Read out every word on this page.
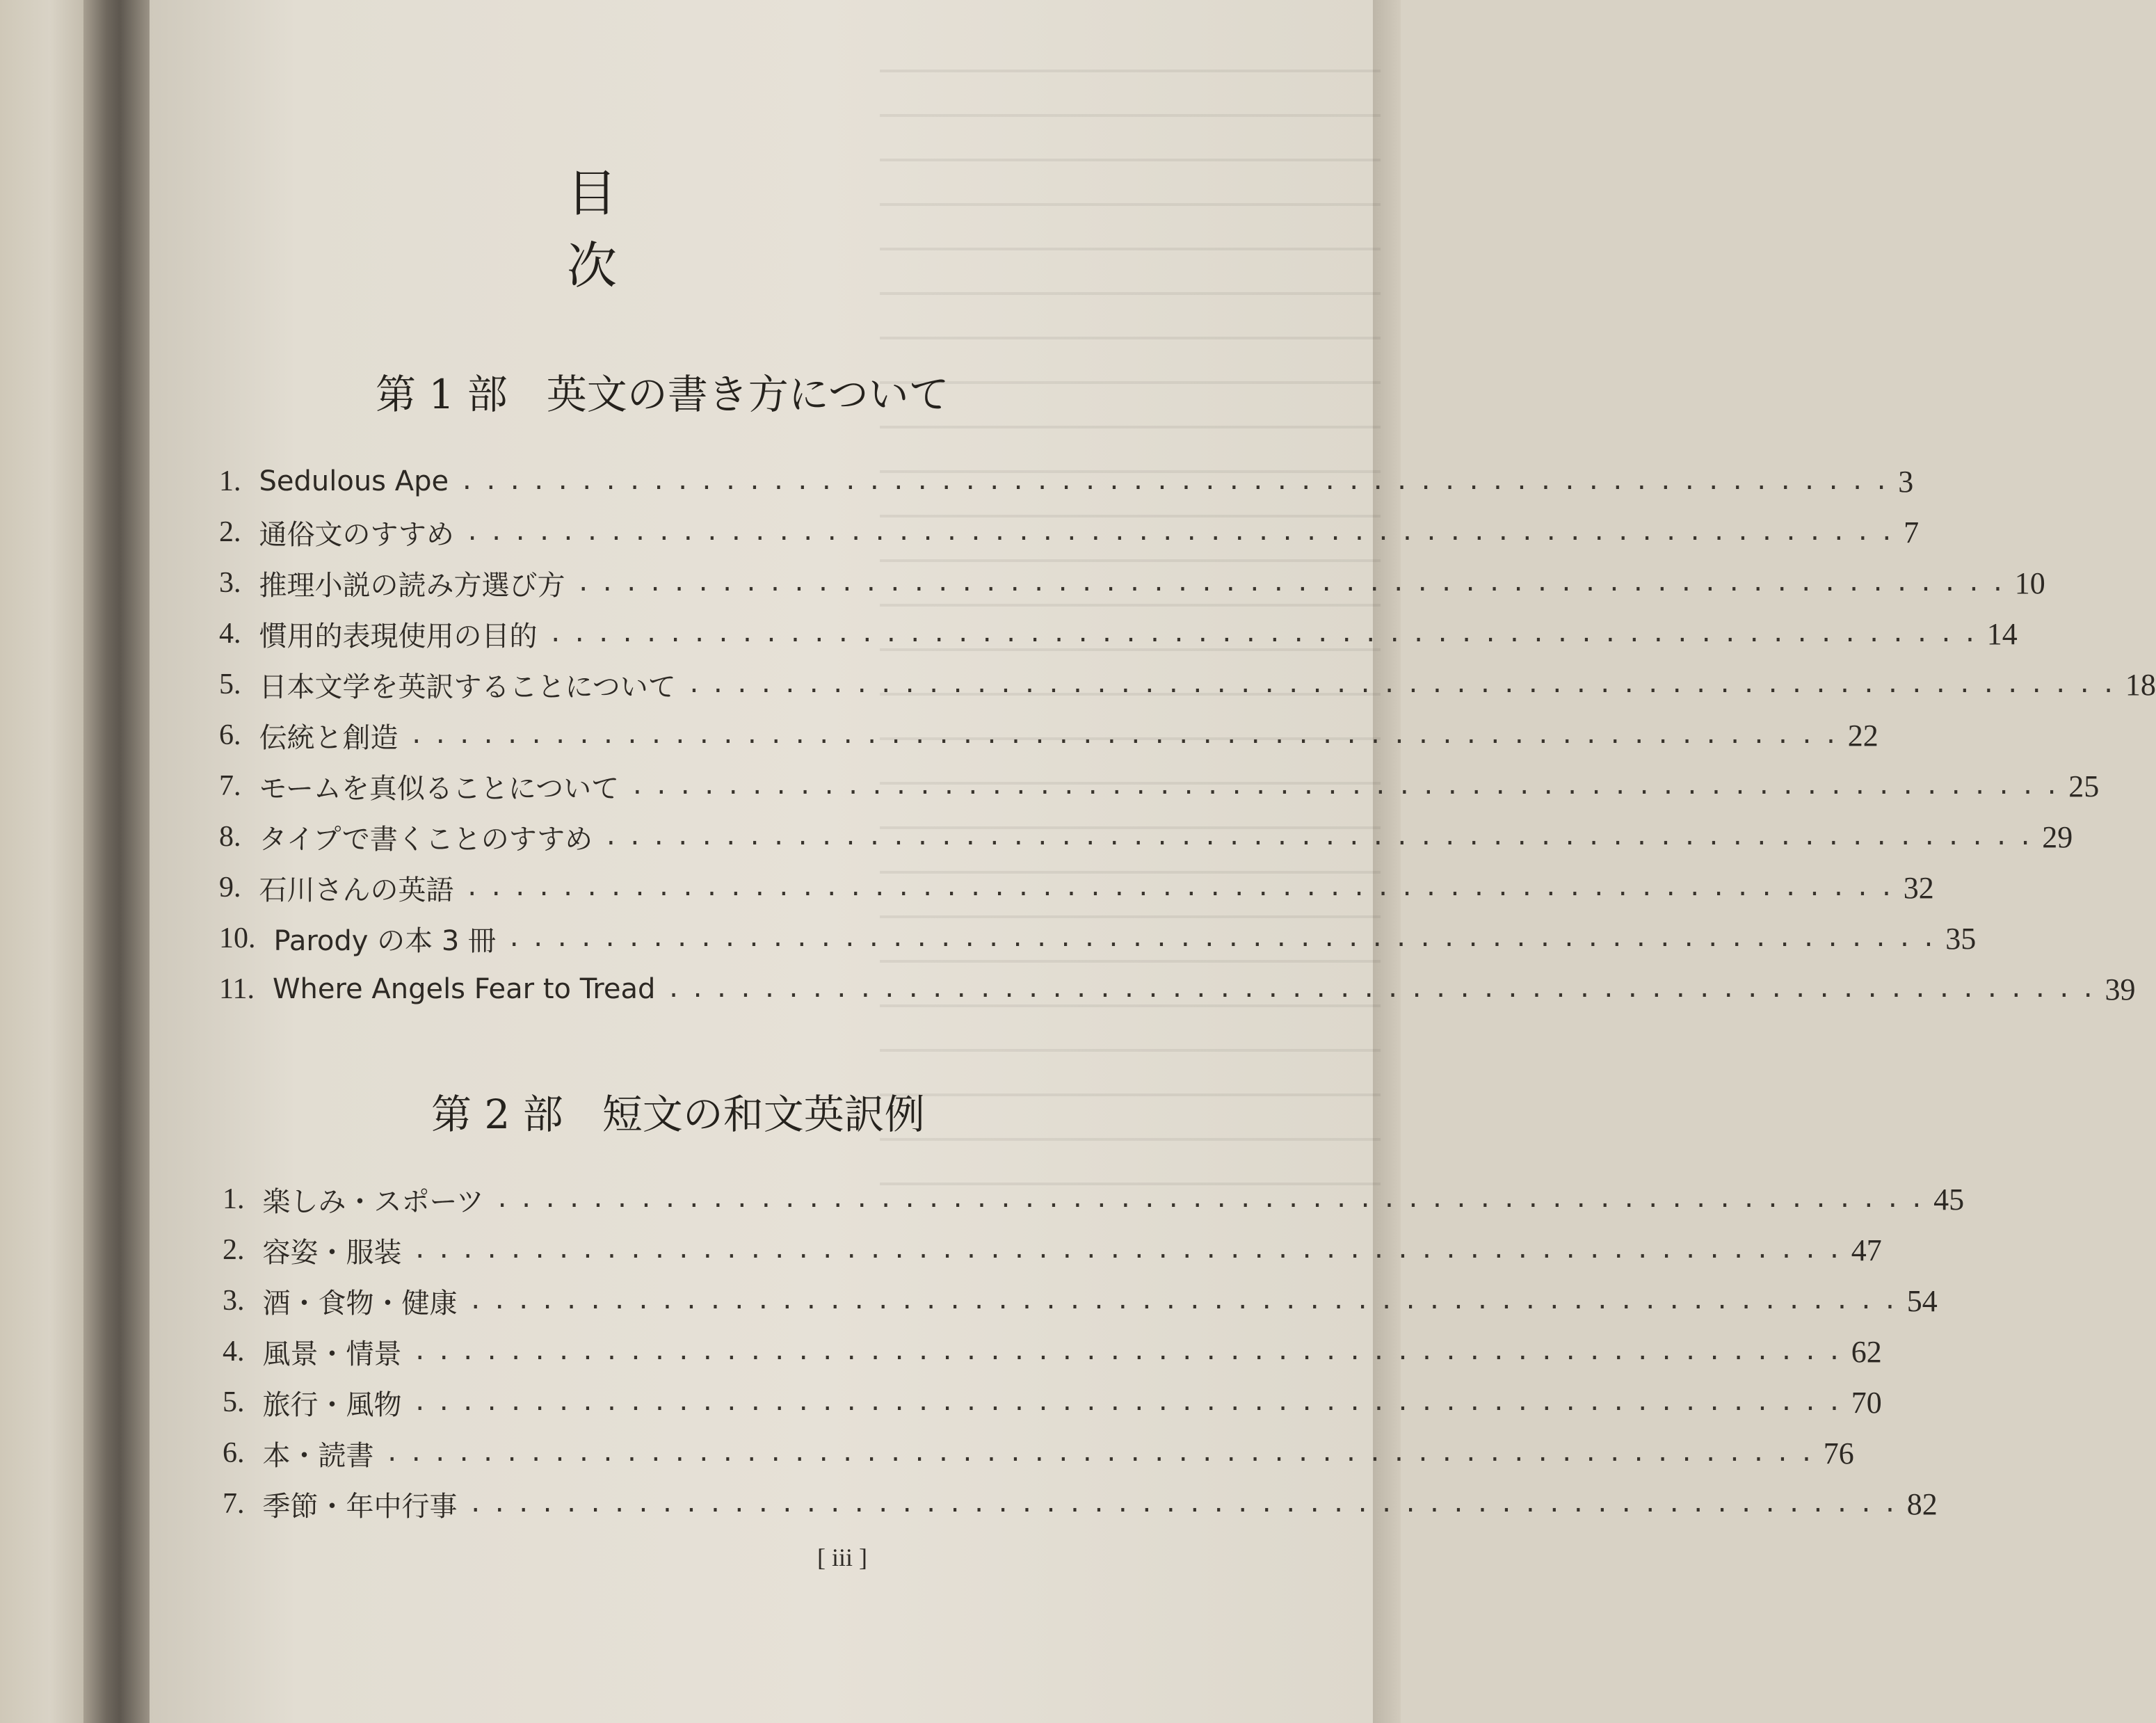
目　次
第 1 部 英文の書き方について
1. Sedulous Ape ............................................................ 3
2. 通俗文のすすめ ............................................................ 7
3. 推理小説の読み方選び方 ............................................................ 10
4. 慣用的表現使用の目的 ............................................................ 14
5. 日本文学を英訳することについて ............................................................ 18
6. 伝統と創造 ............................................................ 22
7. モームを真似ることについて ............................................................ 25
8. タイプで書くことのすすめ ............................................................ 29
9. 石川さんの英語 ............................................................ 32
10. Parody の本 3 冊 ............................................................ 35
11. Where Angels Fear to Tread ............................................................ 39
第 2 部 短文の和文英訳例
1. 楽しみ・スポーツ ............................................................ 45
2. 容姿・服装 ............................................................ 47
3. 酒・食物・健康 ............................................................ 54
4. 風景・情景 ............................................................ 62
5. 旅行・風物 ............................................................ 70
6. 本・読書 ............................................................ 76
7. 季節・年中行事 ............................................................ 82
[ iii ]
